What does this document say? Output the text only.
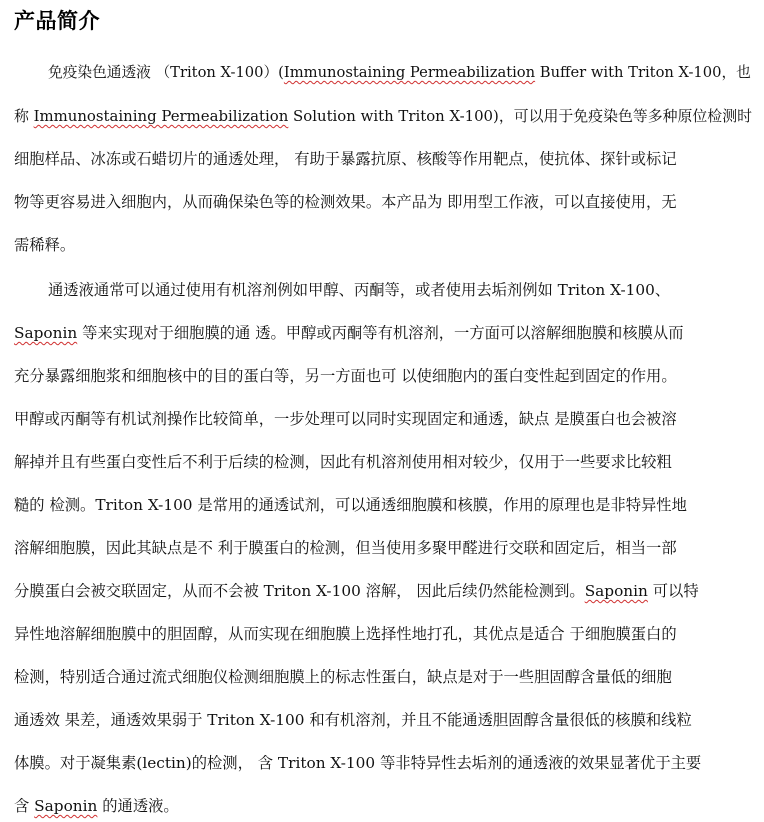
产品简介

免疫染色通透液 （Triton X-100）(Immunostaining Permeabilization Buffer with Triton X-100，也

称 Immunostaining Permeabilization Solution with Triton X-100)，可以用于免疫染色等多种原位检测时

细胞样品、冰冻或石蜡切片的通透处理， 有助于暴露抗原、核酸等作用靶点，使抗体、探针或标记

物等更容易进入细胞内，从而确保染色等的检测效果。本产品为 即用型工作液，可以直接使用，无

需稀释。

通透液通常可以通过使用有机溶剂例如甲醇、丙酮等，或者使用去垢剂例如 Triton X-100、

Saponin 等来实现对于细胞膜的通 透。甲醇或丙酮等有机溶剂，一方面可以溶解细胞膜和核膜从而

充分暴露细胞浆和细胞核中的目的蛋白等，另一方面也可 以使细胞内的蛋白变性起到固定的作用。

甲醇或丙酮等有机试剂操作比较简单，一步处理可以同时实现固定和通透，缺点 是膜蛋白也会被溶

解掉并且有些蛋白变性后不利于后续的检测，因此有机溶剂使用相对较少，仅用于一些要求比较粗

糙的 检测。Triton X-100 是常用的通透试剂，可以通透细胞膜和核膜，作用的原理也是非特异性地

溶解细胞膜，因此其缺点是不 利于膜蛋白的检测，但当使用多聚甲醛进行交联和固定后，相当一部

分膜蛋白会被交联固定，从而不会被 Triton X-100 溶解， 因此后续仍然能检测到。Saponin 可以特

异性地溶解细胞膜中的胆固醇，从而实现在细胞膜上选择性地打孔，其优点是适合 于细胞膜蛋白的

检测，特别适合通过流式细胞仪检测细胞膜上的标志性蛋白，缺点是对于一些胆固醇含量低的细胞

通透效 果差，通透效果弱于 Triton X-100 和有机溶剂，并且不能通透胆固醇含量很低的核膜和线粒

体膜。对于凝集素(lectin)的检测， 含 Triton X-100 等非特异性去垢剂的通透液的效果显著优于主要

含 Saponin 的通透液。
